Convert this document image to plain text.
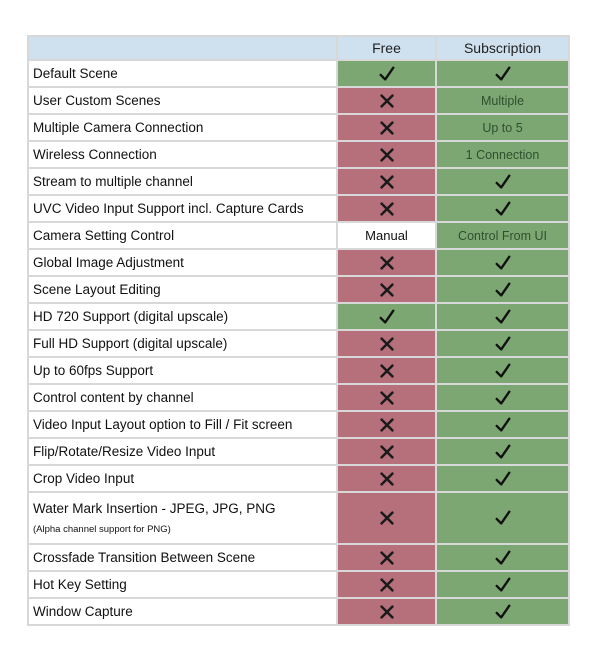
	Free	Subscription

Default Scene

User Custom Scenes		Multiple

Multiple Camera Connection		Up to 5

Wireless Connection		1 Connection

Stream to multiple channel

UVC Video Input Support incl. Capture Cards

Camera Setting Control	Manual	Control From UI

Global Image Adjustment

Scene Layout Editing

HD 720 Support (digital upscale)

Full HD Support (digital upscale)

Up to 60fps Support

Control content by channel

Video Input Layout option to Fill / Fit screen

Flip/Rotate/Resize Video Input

Crop Video Input

Water Mark Insertion - JPEG, JPG, PNG
(Alpha channel support for PNG)

Crossfade Transition Between Scene

Hot Key Setting

Window Capture
